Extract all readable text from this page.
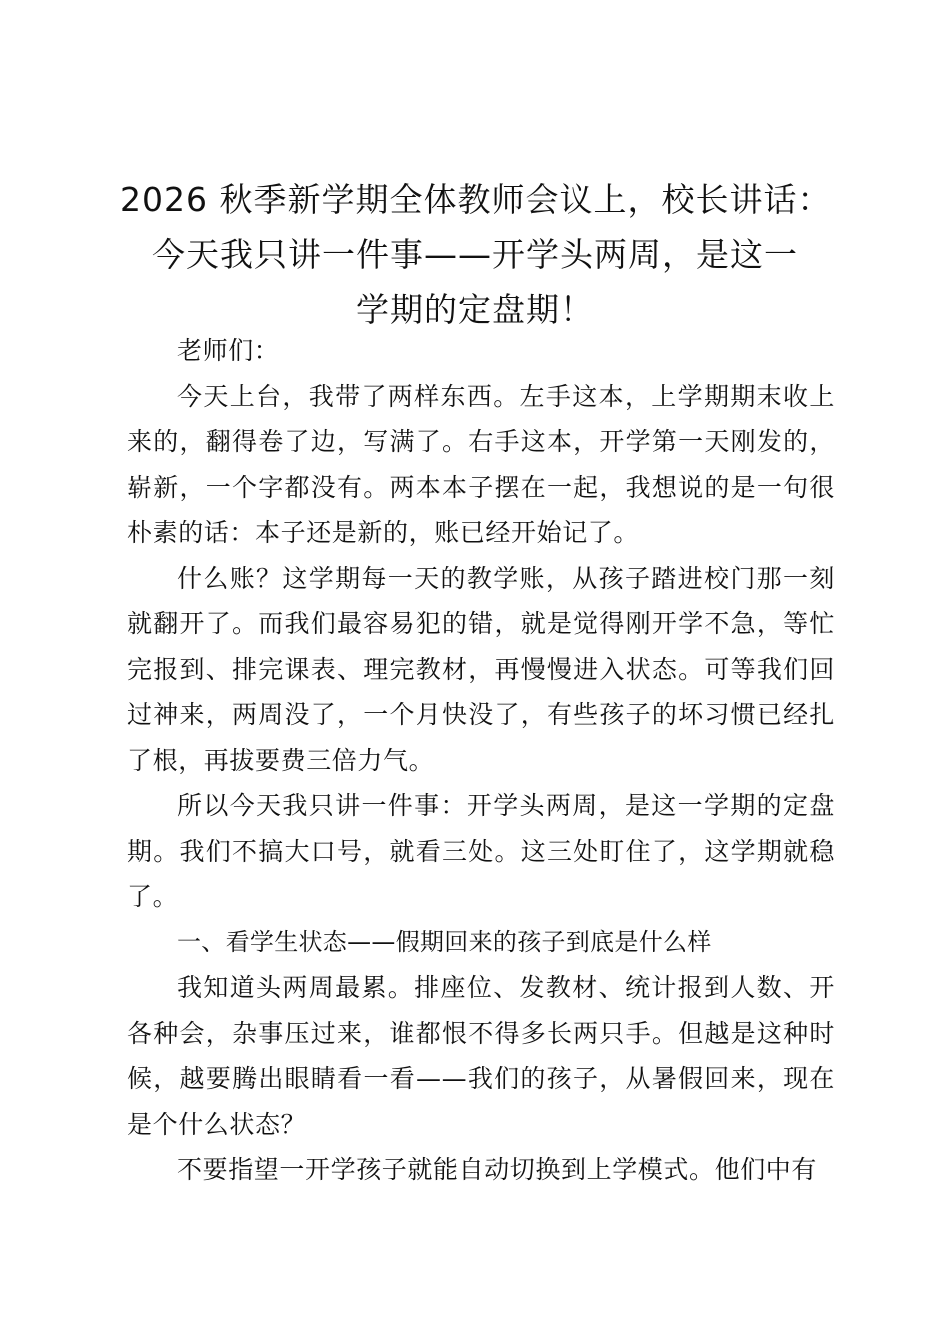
2026 秋季新学期全体教师会议上，校长讲话：
今天我只讲一件事——开学头两周，是这一
学期的定盘期！

老师们：

今天上台，我带了两样东西。左手这本，上学期期末收上来的，翻得卷了边，写满了。右手这本，开学第一天刚发的，崭新，一个字都没有。两本本子摆在一起，我想说的是一句很朴素的话：本子还是新的，账已经开始记了。

什么账？这学期每一天的教学账，从孩子踏进校门那一刻就翻开了。而我们最容易犯的错，就是觉得刚开学不急，等忙完报到、排完课表、理完教材，再慢慢进入状态。可等我们回过神来，两周没了，一个月快没了，有些孩子的坏习惯已经扎了根，再拔要费三倍力气。

所以今天我只讲一件事：开学头两周，是这一学期的定盘期。我们不搞大口号，就看三处。这三处盯住了，这学期就稳了。

一、看学生状态——假期回来的孩子到底是什么样

我知道头两周最累。排座位、发教材、统计报到人数、开各种会，杂事压过来，谁都恨不得多长两只手。但越是这种时候，越要腾出眼睛看一看——我们的孩子，从暑假回来，现在是个什么状态？

不要指望一开学孩子就能自动切换到上学模式。他们中有
